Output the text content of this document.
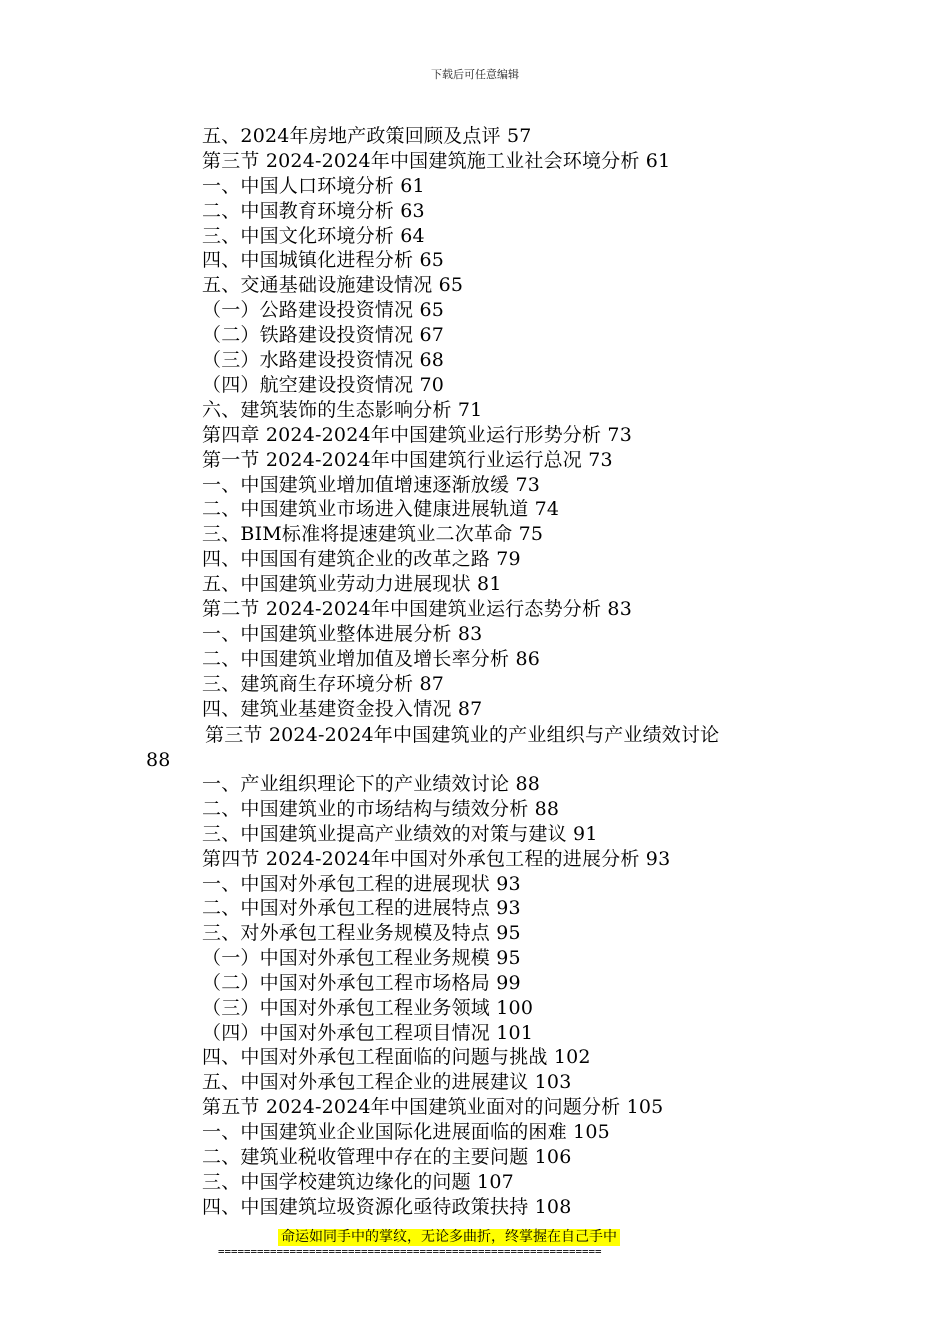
下载后可任意编辑
五、2024年房地产政策回顾及点评 57
第三节 2024-2024年中国建筑施工业社会环境分析 61
一、中国人口环境分析 61
二、中国教育环境分析 63
三、中国文化环境分析 64
四、中国城镇化进程分析 65
五、交通基础设施建设情况 65
（一）公路建设投资情况 65
（二）铁路建设投资情况 67
（三）水路建设投资情况 68
（四）航空建设投资情况 70
六、建筑装饰的生态影响分析 71
第四章 2024-2024年中国建筑业运行形势分析 73
第一节 2024-2024年中国建筑行业运行总况 73
一、中国建筑业增加值增速逐渐放缓 73
二、中国建筑业市场进入健康进展轨道 74
三、BIM标准将提速建筑业二次革命 75
四、中国国有建筑企业的改革之路 79
五、中国建筑业劳动力进展现状 81
第二节 2024-2024年中国建筑业运行态势分析 83
一、中国建筑业整体进展分析 83
二、中国建筑业增加值及增长率分析 86
三、建筑商生存环境分析 87
四、建筑业基建资金投入情况 87
第三节 2024-2024年中国建筑业的产业组织与产业绩效讨论
88
一、产业组织理论下的产业绩效讨论 88
二、中国建筑业的市场结构与绩效分析 88
三、中国建筑业提高产业绩效的对策与建议 91
第四节 2024-2024年中国对外承包工程的进展分析 93
一、中国对外承包工程的进展现状 93
二、中国对外承包工程的进展特点 93
三、对外承包工程业务规模及特点 95
（一）中国对外承包工程业务规模 95
（二）中国对外承包工程市场格局 99
（三）中国对外承包工程业务领域 100
（四）中国对外承包工程项目情况 101
四、中国对外承包工程面临的问题与挑战 102
五、中国对外承包工程企业的进展建议 103
第五节 2024-2024年中国建筑业面对的问题分析 105
一、中国建筑业企业国际化进展面临的困难 105
二、建筑业税收管理中存在的主要问题 106
三、中国学校建筑边缘化的问题 107
四、中国建筑垃圾资源化亟待政策扶持 108
命运如同手中的掌纹，无论多曲折，终掌握在自己手中
===========================================================
